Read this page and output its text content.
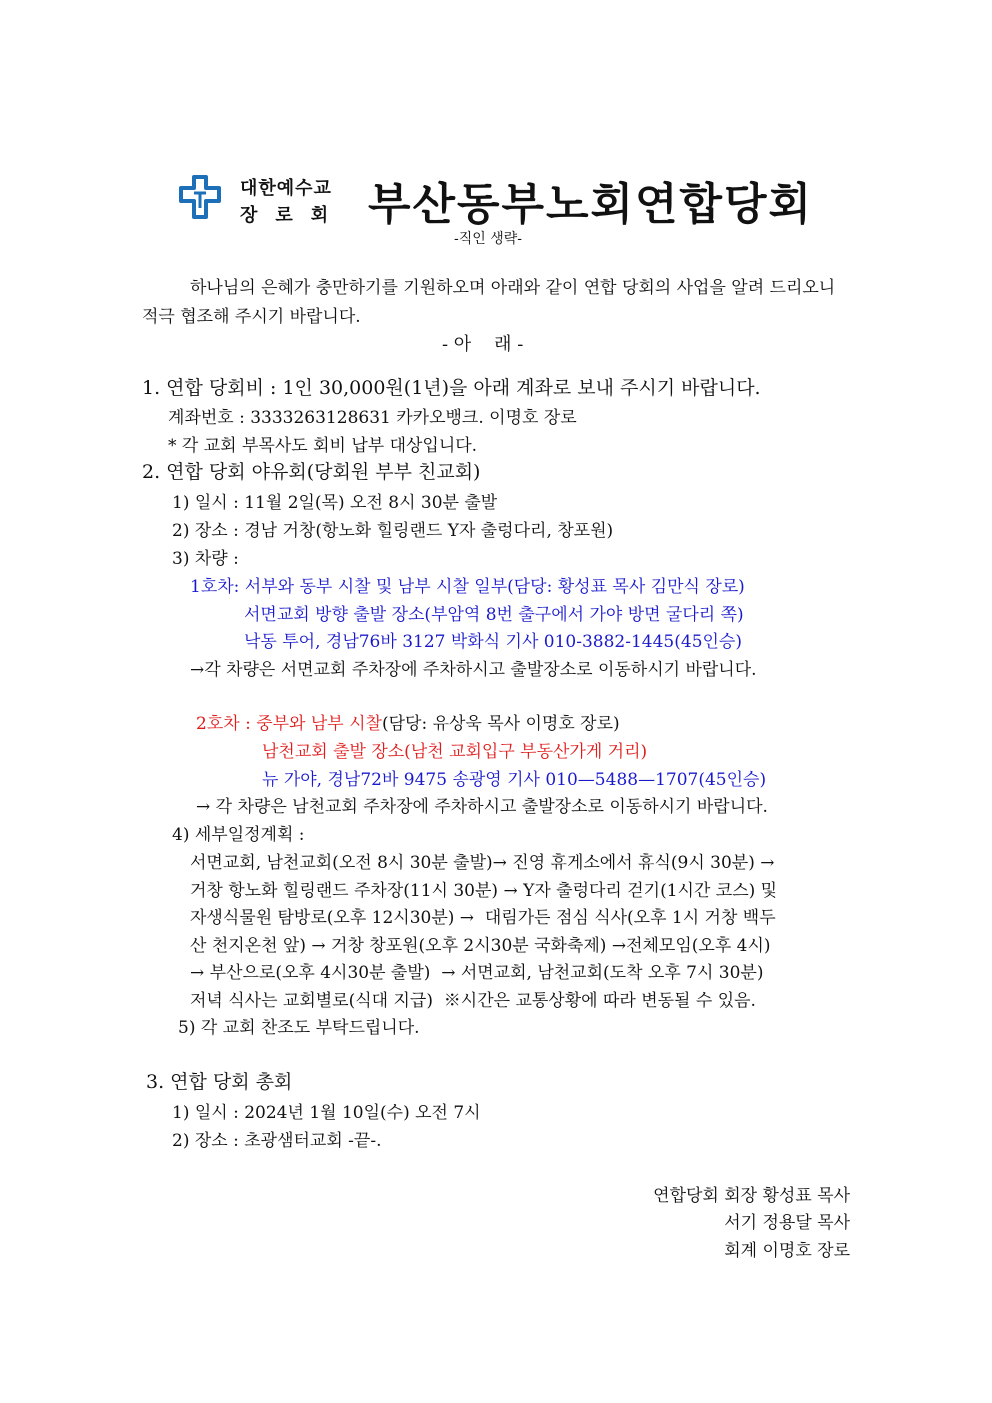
대한예수교
장로회 부산동부노회연합당회
-직인 생략-
하나님의 은혜가 충만하기를 기원하오며 아래와 같이 연합 당회의 사업을 알려 드리오니
적극 협조해 주시기 바랍니다.
- 아    래 -
1. 연합 당회비 : 1인 30,000원(1년)을 아래 계좌로 보내 주시기 바랍니다.
계좌번호 : 3333263128631 카카오뱅크. 이명호 장로
* 각 교회 부목사도 회비 납부 대상입니다.
2. 연합 당회 야유회(당회원 부부 친교회)
1) 일시 : 11월 2일(목) 오전 8시 30분 출발
2) 장소 : 경남 거창(항노화 힐링랜드 Y자 출렁다리, 창포원)
3) 차량 :
1호차: 서부와 동부 시찰 및 남부 시찰 일부(담당: 황성표 목사 김만식 장로)
서면교회 방향 출발 장소(부암역 8번 출구에서 가야 방면 굴다리 쪽)
낙동 투어, 경남76바 3127 박화식 기사 010-3882-1445(45인승)
→각 차량은 서면교회 주차장에 주차하시고 출발장소로 이동하시기 바랍니다.
2호차 : 중부와 남부 시찰(담당: 유상욱 목사 이명호 장로)
남천교회 출발 장소(남천 교회입구 부동산가게 거리)
뉴 가야, 경남72바 9475 송광영 기사 010—5488—1707(45인승)
→ 각 차량은 남천교회 주차장에 주차하시고 출발장소로 이동하시기 바랍니다.
4) 세부일정계획 :
서면교회, 남천교회(오전 8시 30분 출발)→ 진영 휴게소에서 휴식(9시 30분) →
거창 항노화 힐링랜드 주차장(11시 30분) → Y자 출렁다리 걷기(1시간 코스) 및
자생식물원 탐방로(오후 12시30분) →  대림가든 점심 식사(오후 1시 거창 백두
산 천지온천 앞) → 거창 창포원(오후 2시30분 국화축제) →전체모임(오후 4시)
→ 부산으로(오후 4시30분 출발)  → 서면교회, 남천교회(도착 오후 7시 30분)
저녁 식사는 교회별로(식대 지급)  ※시간은 교통상황에 따라 변동될 수 있음.
5) 각 교회 찬조도 부탁드립니다.
3. 연합 당회 총회
1) 일시 : 2024년 1월 10일(수) 오전 7시
2) 장소 : 초광샘터교회 -끝-.
연합당회 회장 황성표 목사
서기 정용달 목사
회계 이명호 장로
